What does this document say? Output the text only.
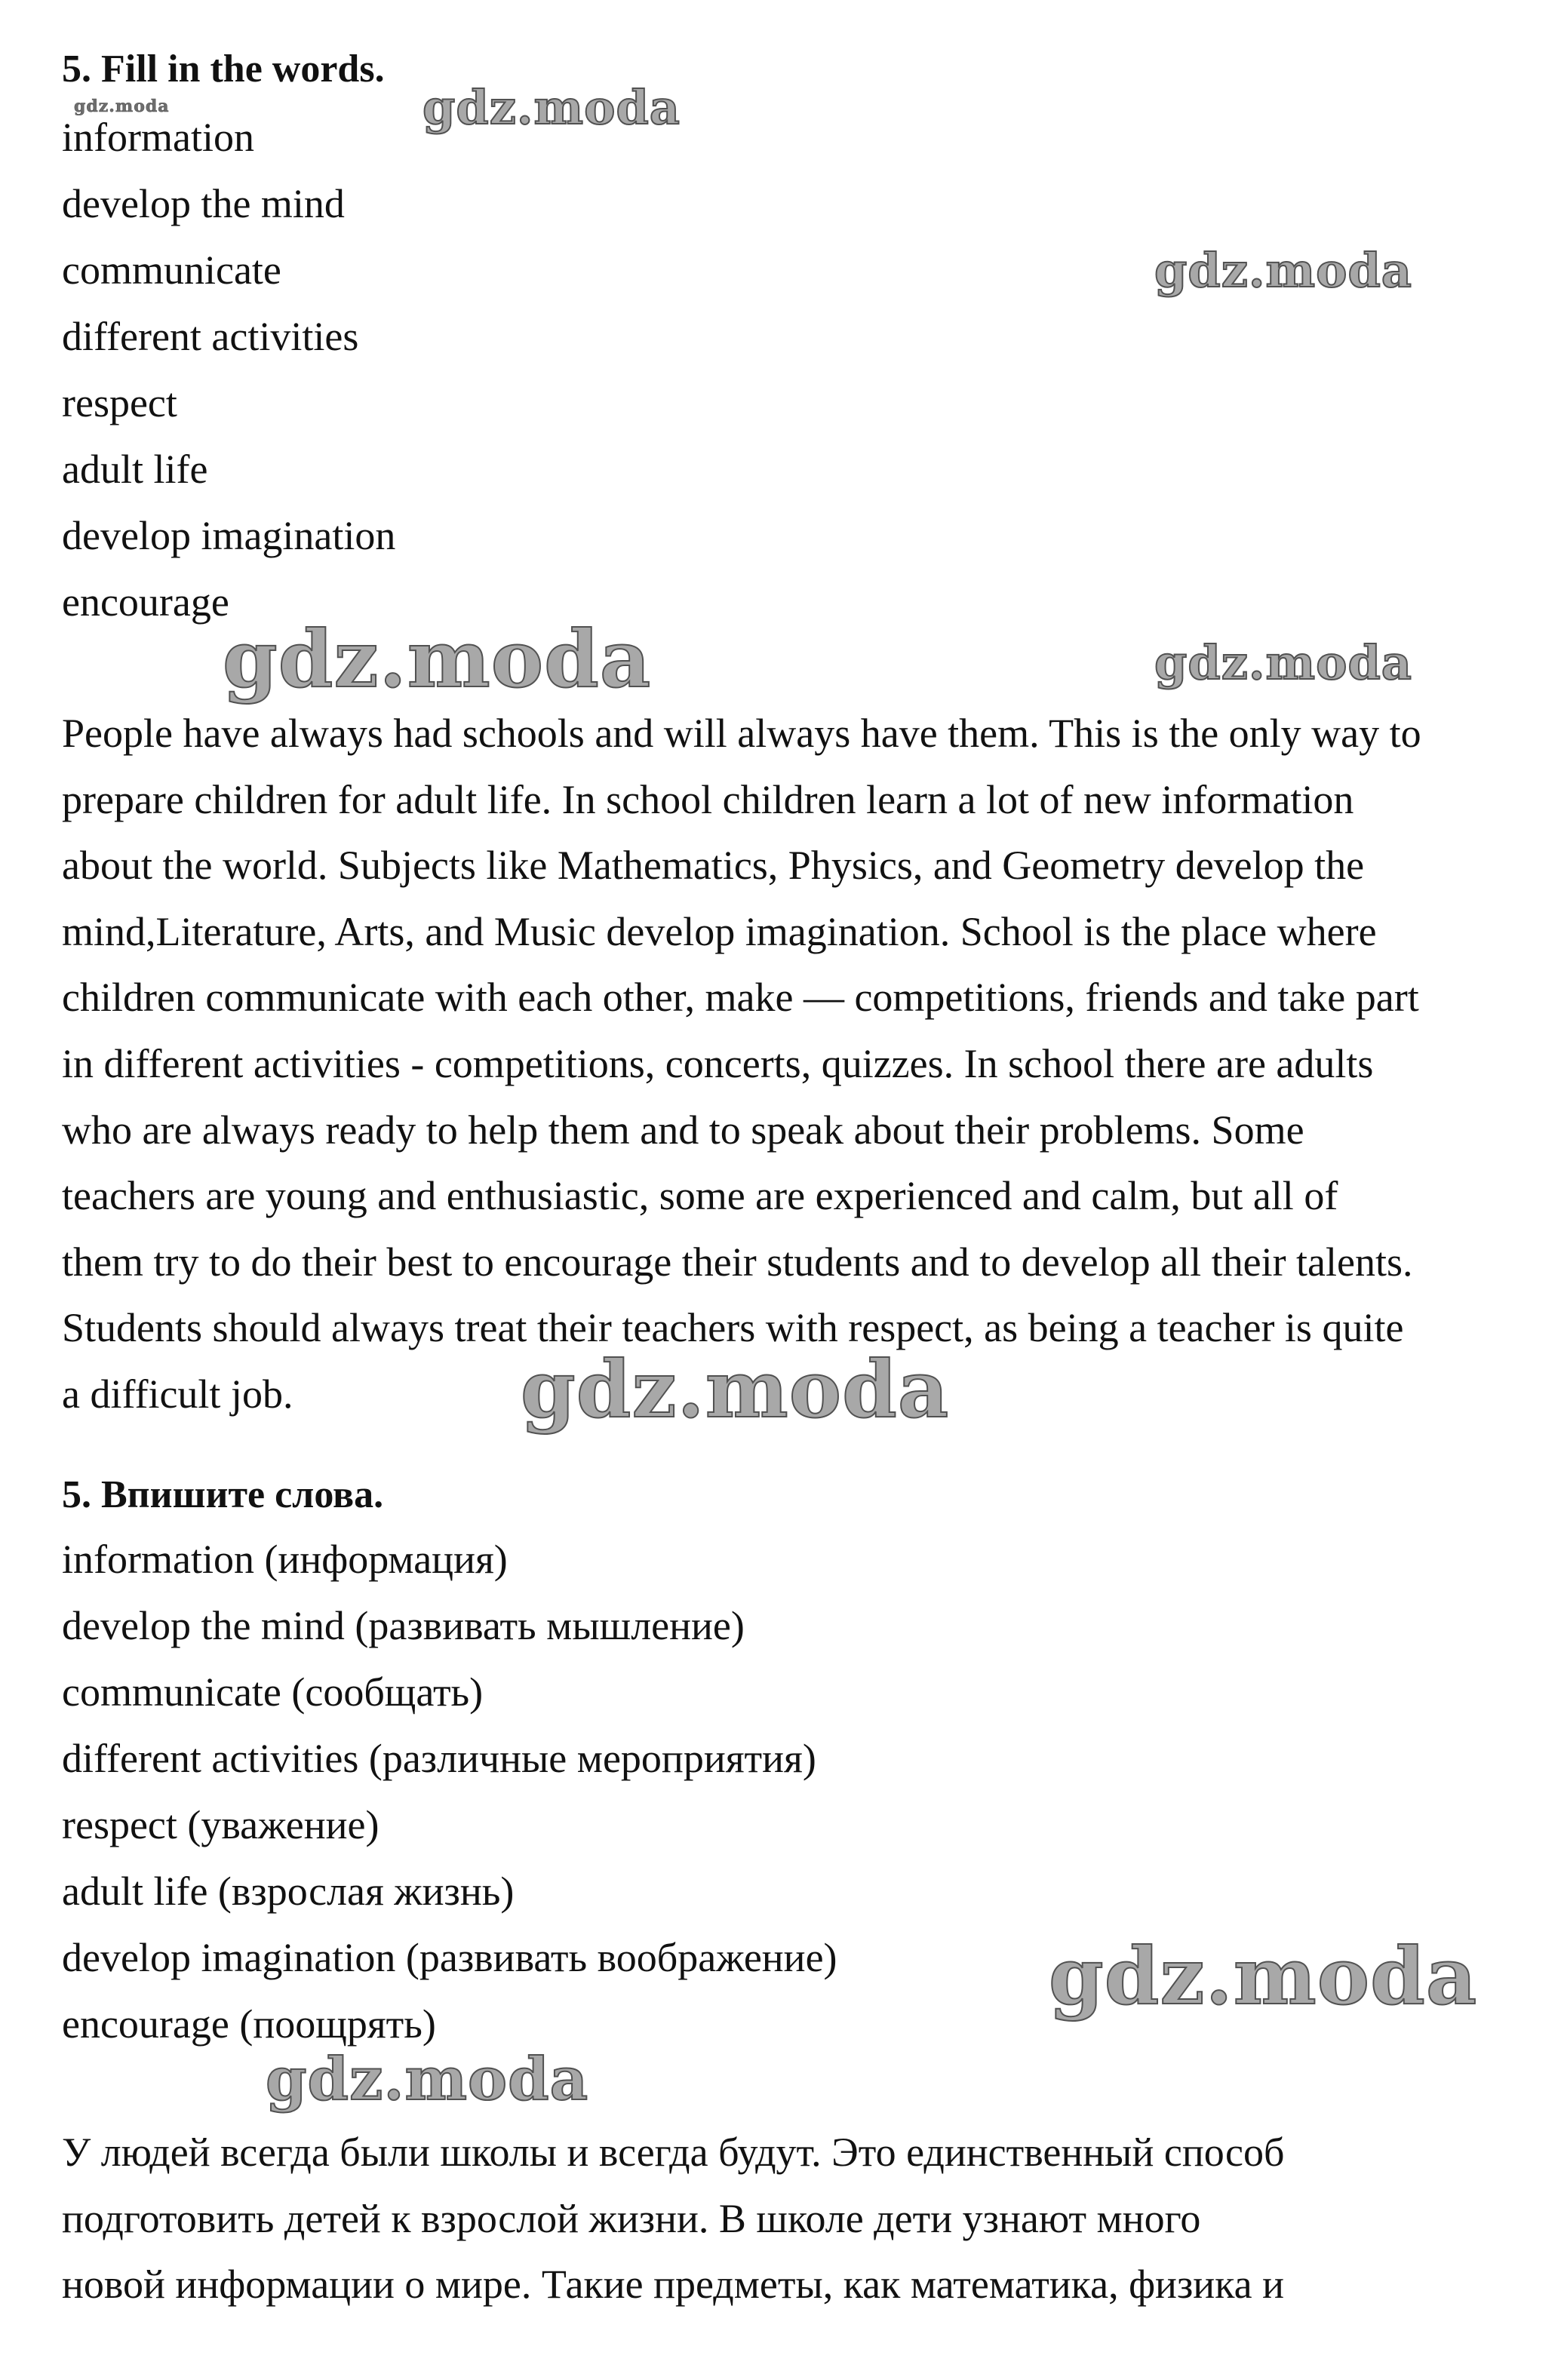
5. Fill in the words.
information
develop the mind
communicate
different activities
respect
adult life
develop imagination
encourage
People have always had schools and will always have them. This is the only way to
prepare children for adult life. In school children learn a lot of new information
about the world. Subjects like Mathematics, Physics, and Geometry develop the
mind,Literature, Arts, and Music develop imagination. School is the place where
children communicate with each other, make — competitions, friends and take part
in different activities - competitions, concerts, quizzes. In school there are adults
who are always ready to help them and to speak about their problems. Some
teachers are young and enthusiastic, some are experienced and calm, but all of
them try to do their best to encourage their students and to develop all their talents.
Students should always treat their teachers with respect, as being a teacher is quite
a difficult job.
5. Впишите слова.
information (информация)
develop the mind (развивать мышление)
communicate (сообщать)
different activities (различные мероприятия)
respect (уважение)
adult life (взрослая жизнь)
develop imagination (развивать воображение)
encourage (поощрять)
У людей всегда были школы и всегда будут. Это единственный способ
подготовить детей к взрослой жизни. В школе дети узнают много
новой информации о мире. Такие предметы, как математика, физика и
gdz.moda	gdz.moda
gdz.moda
gdz.moda	gdz.moda
gdz.moda
gdz.moda
gdz.moda
